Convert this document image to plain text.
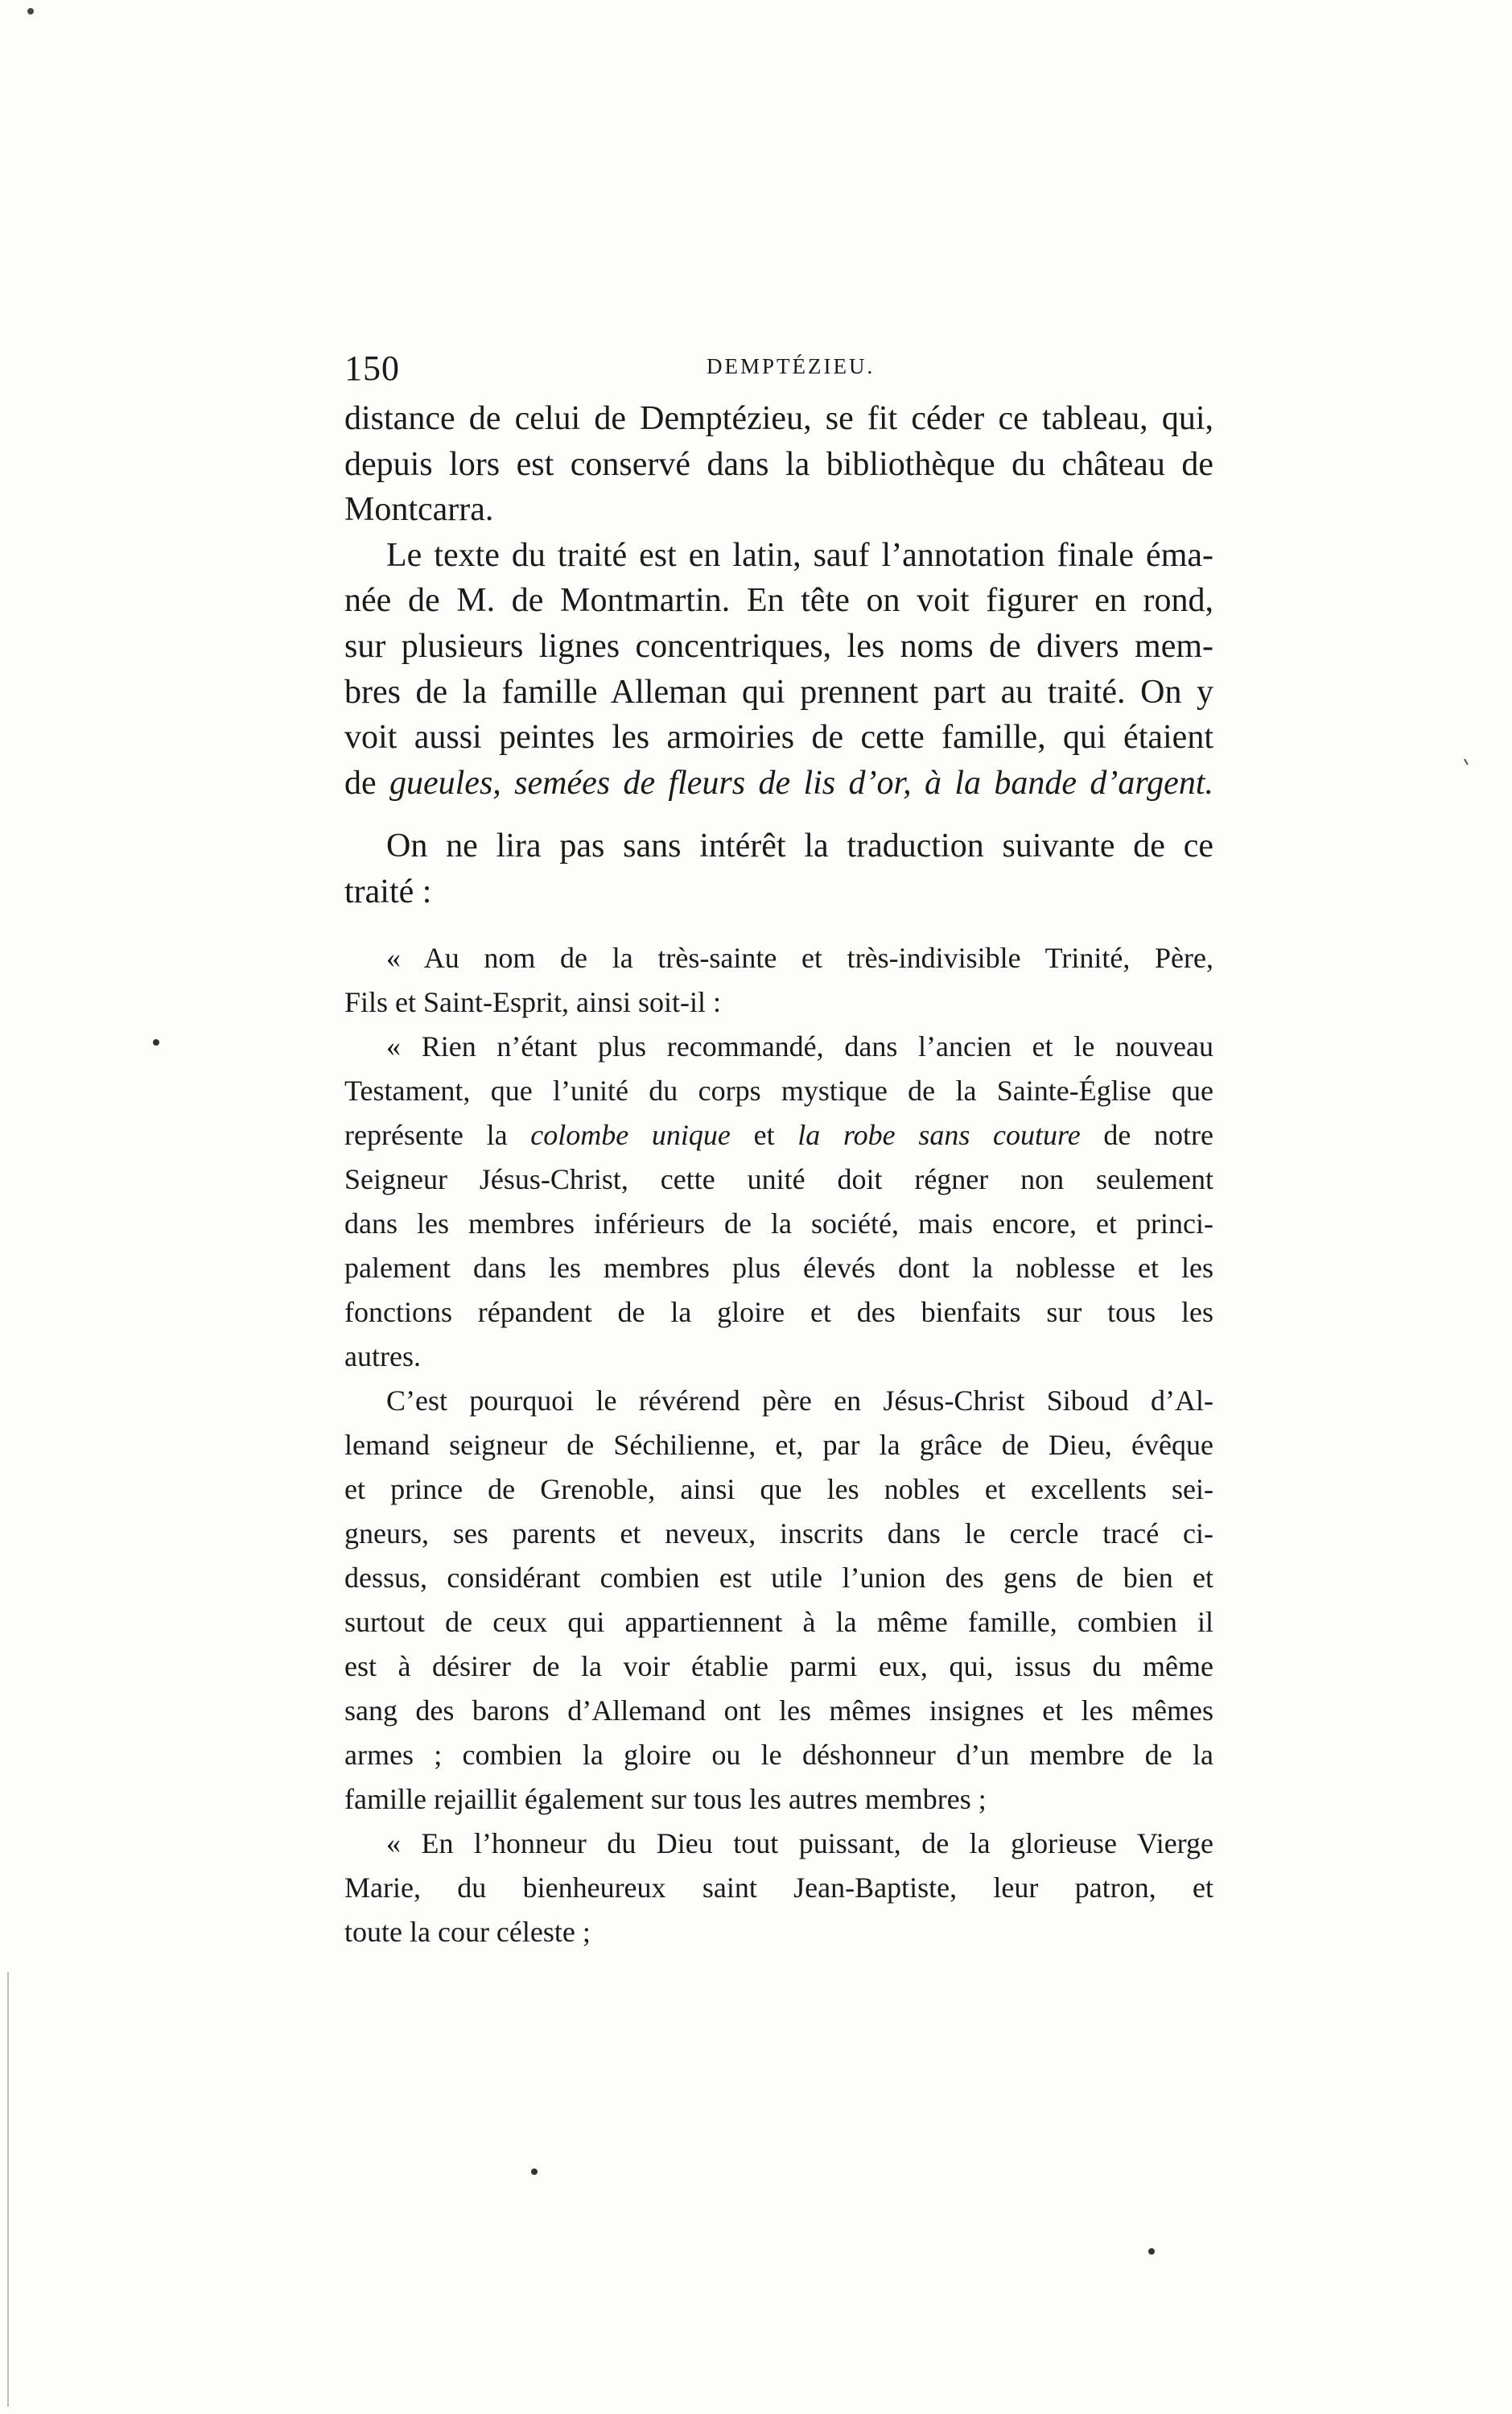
150	DEMPTÉZIEU.

distance de celui de Demptézieu, se fit céder ce tableau, qui,
depuis lors est conservé dans la bibliothèque du château de
Montcarra.

Le texte du traité est en latin, sauf l’annotation finale éma-
née de M. de Montmartin. En tête on voit figurer en rond,
sur plusieurs lignes concentriques, les noms de divers mem-
bres de la famille Alleman qui prennent part au traité. On y
voit aussi peintes les armoiries de cette famille, qui étaient
de gueules, semées de fleurs de lis d’or, à la bande d’argent.

On ne lira pas sans intérêt la traduction suivante de ce
traité :

« Au nom de la très-sainte et très-indivisible Trinité, Père,
Fils et Saint-Esprit, ainsi soit-il :

« Rien n’étant plus recommandé, dans l’ancien et le nouveau
Testament, que l’unité du corps mystique de la Sainte-Église que
représente la colombe unique et la robe sans couture de notre
Seigneur Jésus-Christ, cette unité doit régner non seulement
dans les membres inférieurs de la société, mais encore, et princi-
palement dans les membres plus élevés dont la noblesse et les
fonctions répandent de la gloire et des bienfaits sur tous les
autres.

C’est pourquoi le révérend père en Jésus-Christ Siboud d’Al-
lemand seigneur de Séchilienne, et, par la grâce de Dieu, évêque
et prince de Grenoble, ainsi que les nobles et excellents sei-
gneurs, ses parents et neveux, inscrits dans le cercle tracé ci-
dessus, considérant combien est utile l’union des gens de bien et
surtout de ceux qui appartiennent à la même famille, combien il
est à désirer de la voir établie parmi eux, qui, issus du même
sang des barons d’Allemand ont les mêmes insignes et les mêmes
armes ; combien la gloire ou le déshonneur d’un membre de la
famille rejaillit également sur tous les autres membres ;

« En l’honneur du Dieu tout puissant, de la glorieuse Vierge
Marie, du bienheureux saint Jean-Baptiste, leur patron, et
toute la cour céleste ;
